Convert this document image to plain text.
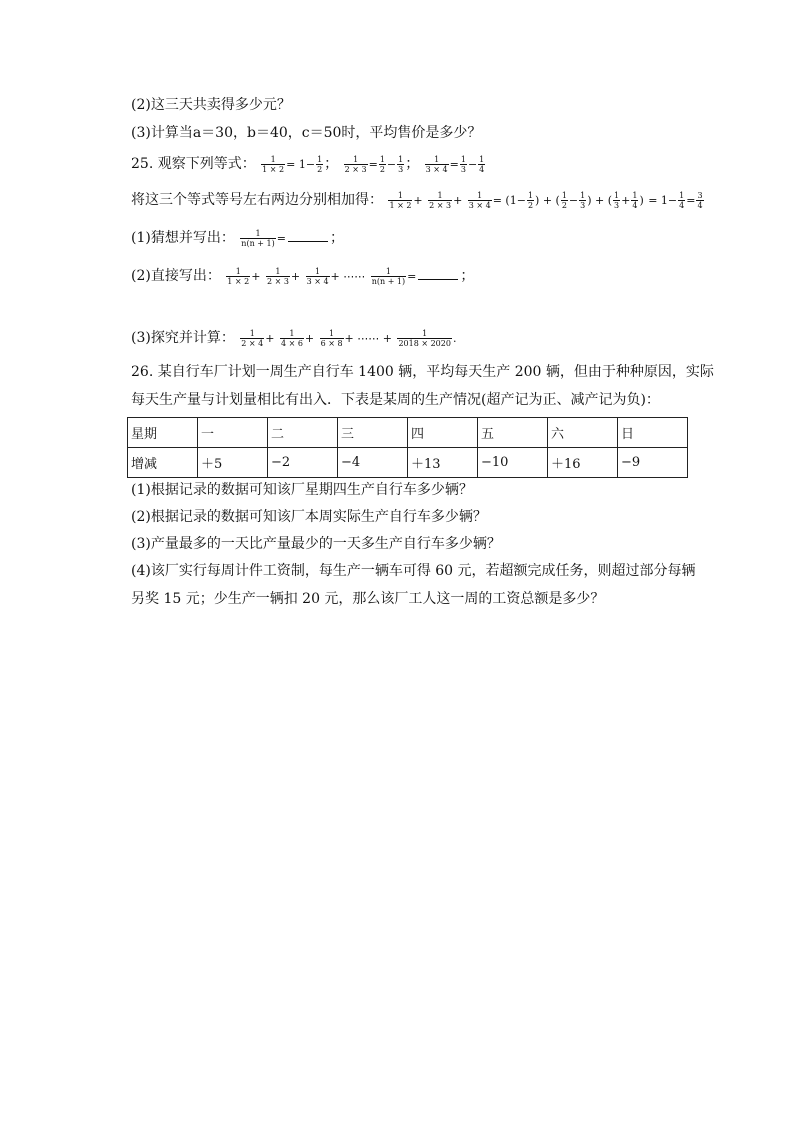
(2)这三天共卖得多少元？
(3)计算当a＝30，b＝40，c＝50时，平均售价是多少？
25. 观察下列等式： $\frac{1}{1 \times 2} = 1- \frac{1}{2}$ ； $\frac{1}{2 \times 3} = \frac{1}{2} - \frac{1}{3}$ ； $\frac{1}{3 \times 4} = \frac{1}{3} - \frac{1}{4}$
将这三个等式等号左右两边分别相加得： $\frac{1}{1 \times 2} + \frac{1}{2 \times 3} + \frac{1}{3 \times 4} = (1- \frac{1}{2}$ ) + ( $\frac{1}{2} - \frac{1}{3}$ ) + ( $\frac{1}{3} + \frac{1}{4}$ ) = $1- \frac{1}{4} = \frac{3}{4}$
(1)猜想并写出： $\frac{1}{n(n + 1)}$ =	；
(2)直接写出： $\frac{1}{1 \times 2} + \frac{1}{2 \times 3} + \frac{1}{3 \times 4}$ + ⋯⋯ $\frac{1}{n(n + 1)}$ =	；
(3)探究并计算： $\frac{1}{2 \times 4} + \frac{1}{4 \times 6} + \frac{1}{6 \times 8}$ + ⋯⋯ + $\frac{1}{2018 \times 2020}$ .
26. 某自行车厂计划一周生产自行车 1400 辆，平均每天生产 200 辆，但由于种种原因，实际
每天生产量与计划量相比有出入．下表是某周的生产情况(超产记为正、减产记为负)：
星期	一	二	三	四	五	六	日
增减	＋5	−2	−4	＋13	−10	＋16	−9
(1)根据记录的数据可知该厂星期四生产自行车多少辆？
(2)根据记录的数据可知该厂本周实际生产自行车多少辆？
(3)产量最多的一天比产量最少的一天多生产自行车多少辆？
(4)该厂实行每周计件工资制，每生产一辆车可得 60 元，若超额完成任务，则超过部分每辆
另奖 15 元；少生产一辆扣 20 元，那么该厂工人这一周的工资总额是多少？
